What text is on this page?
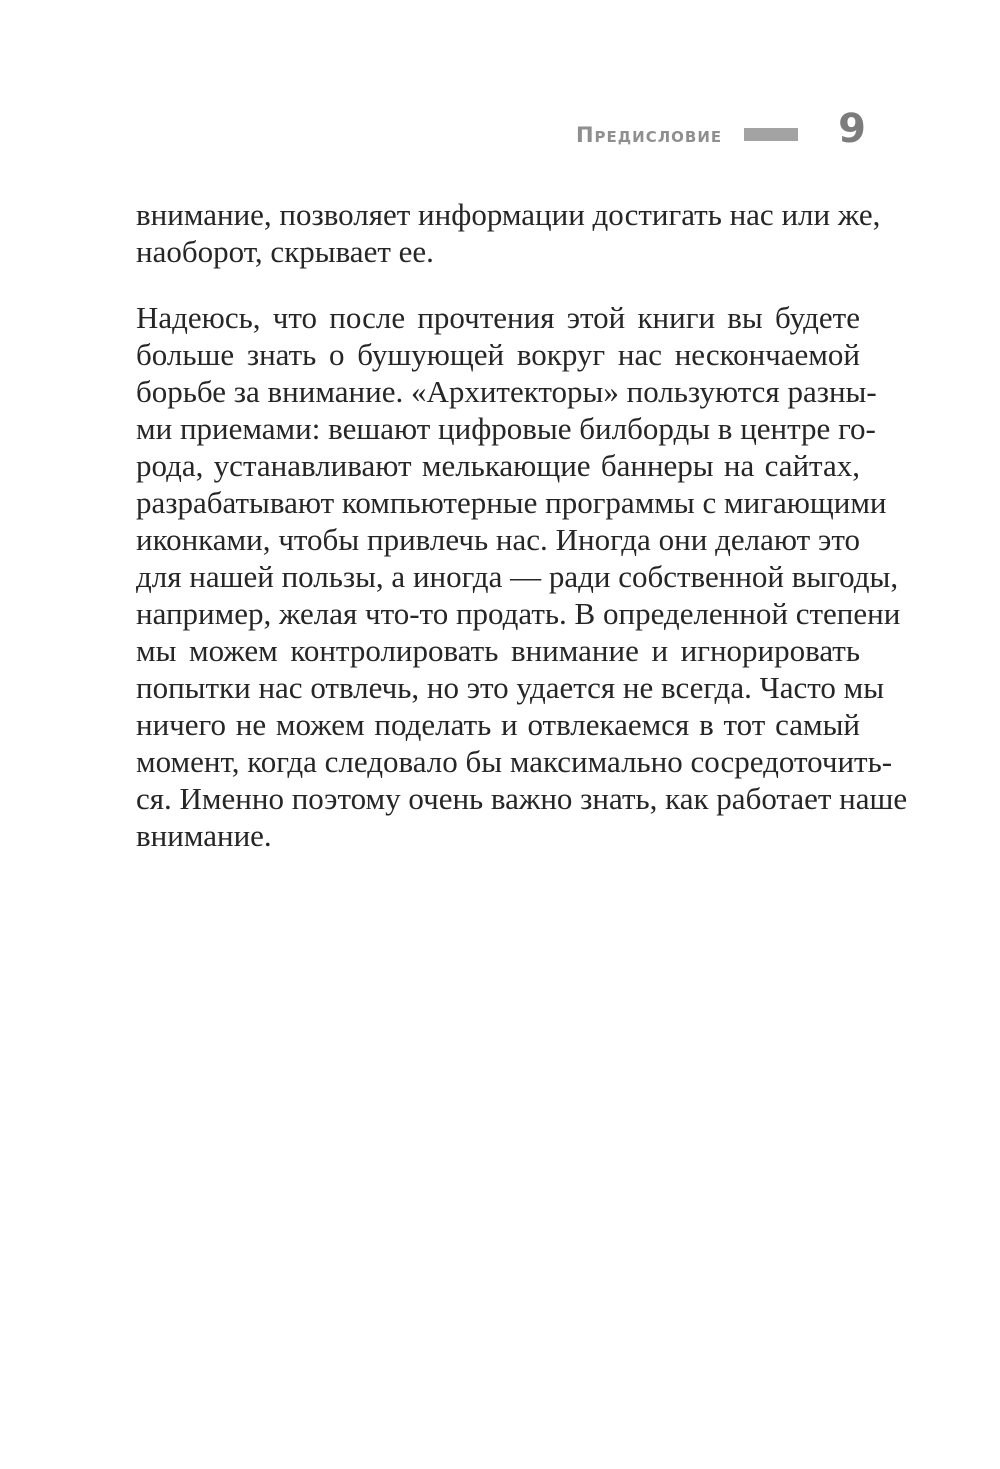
Предисловие	9
внимание, позволяет информации достигать нас или же,
наоборот, скрывает ее.
Надеюсь, что после прочтения этой книги вы будете
больше знать о бушующей вокруг нас нескончаемой
борьбе за внимание. «Архитекторы» пользуются разны-
ми приемами: вешают цифровые билборды в центре го-
рода, устанавливают мелькающие баннеры на сайтах,
разрабатывают компьютерные программы с мигающими
иконками, чтобы привлечь нас. Иногда они делают это
для нашей пользы, а иногда — ради собственной выгоды,
например, желая что-то продать. В определенной степени
мы можем контролировать внимание и игнорировать
попытки нас отвлечь, но это удается не всегда. Часто мы
ничего не можем поделать и отвлекаемся в тот самый
момент, когда следовало бы максимально сосредоточить-
ся. Именно поэтому очень важно знать, как работает наше
внимание.
